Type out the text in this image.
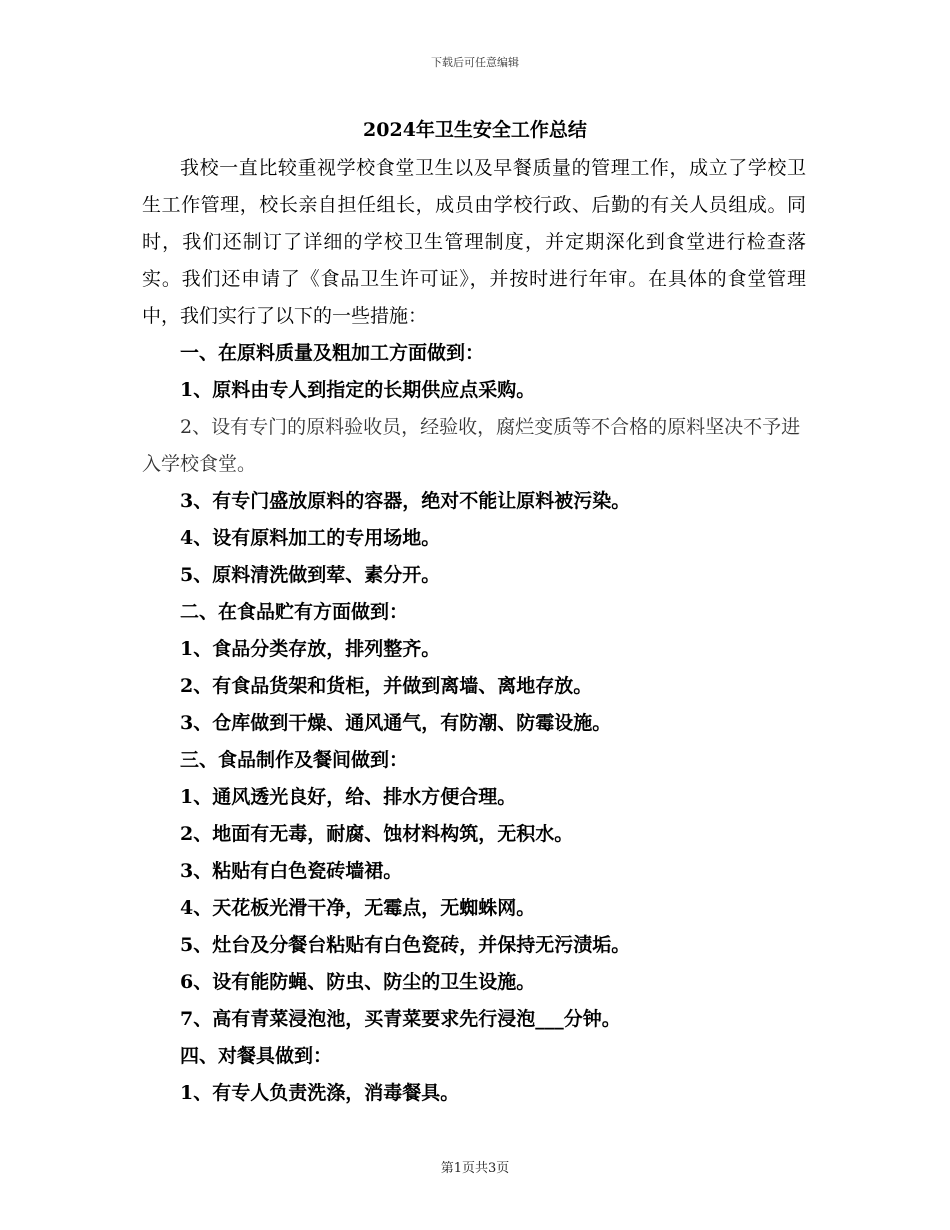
下载后可任意编辑
2024年卫生安全工作总结

我校一直比较重视学校食堂卫生以及早餐质量的管理工作，成立了学校卫生工作管理，校长亲自担任组长，成员由学校行政、后勤的有关人员组成。同时，我们还制订了详细的学校卫生管理制度，并定期深化到食堂进行检查落实。我们还申请了《食品卫生许可证》，并按时进行年审。在具体的食堂管理中，我们实行了以下的一些措施：

一、在原料质量及粗加工方面做到：

1、原料由专人到指定的长期供应点采购。

2、设有专门的原料验收员，经验收，腐烂变质等不合格的原料坚决不予进入学校食堂。

3、有专门盛放原料的容器，绝对不能让原料被污染。

4、设有原料加工的专用场地。

5、原料清洗做到荤、素分开。

二、在食品贮有方面做到：

1、食品分类存放，排列整齐。

2、有食品货架和货柜，并做到离墙、离地存放。

3、仓库做到干燥、通风通气，有防潮、防霉设施。

三、食品制作及餐间做到：

1、通风透光良好，给、排水方便合理。

2、地面有无毒，耐腐、蚀材料构筑，无积水。

3、粘贴有白色瓷砖墙裙。

4、天花板光滑干净，无霉点，无蜘蛛网。

5、灶台及分餐台粘贴有白色瓷砖，并保持无污渍垢。

6、设有能防蝇、防虫、防尘的卫生设施。

7、高有青菜浸泡池，买青菜要求先行浸泡___分钟。

四、对餐具做到：

1、有专人负责洗涤，消毒餐具。

第1页共3页
